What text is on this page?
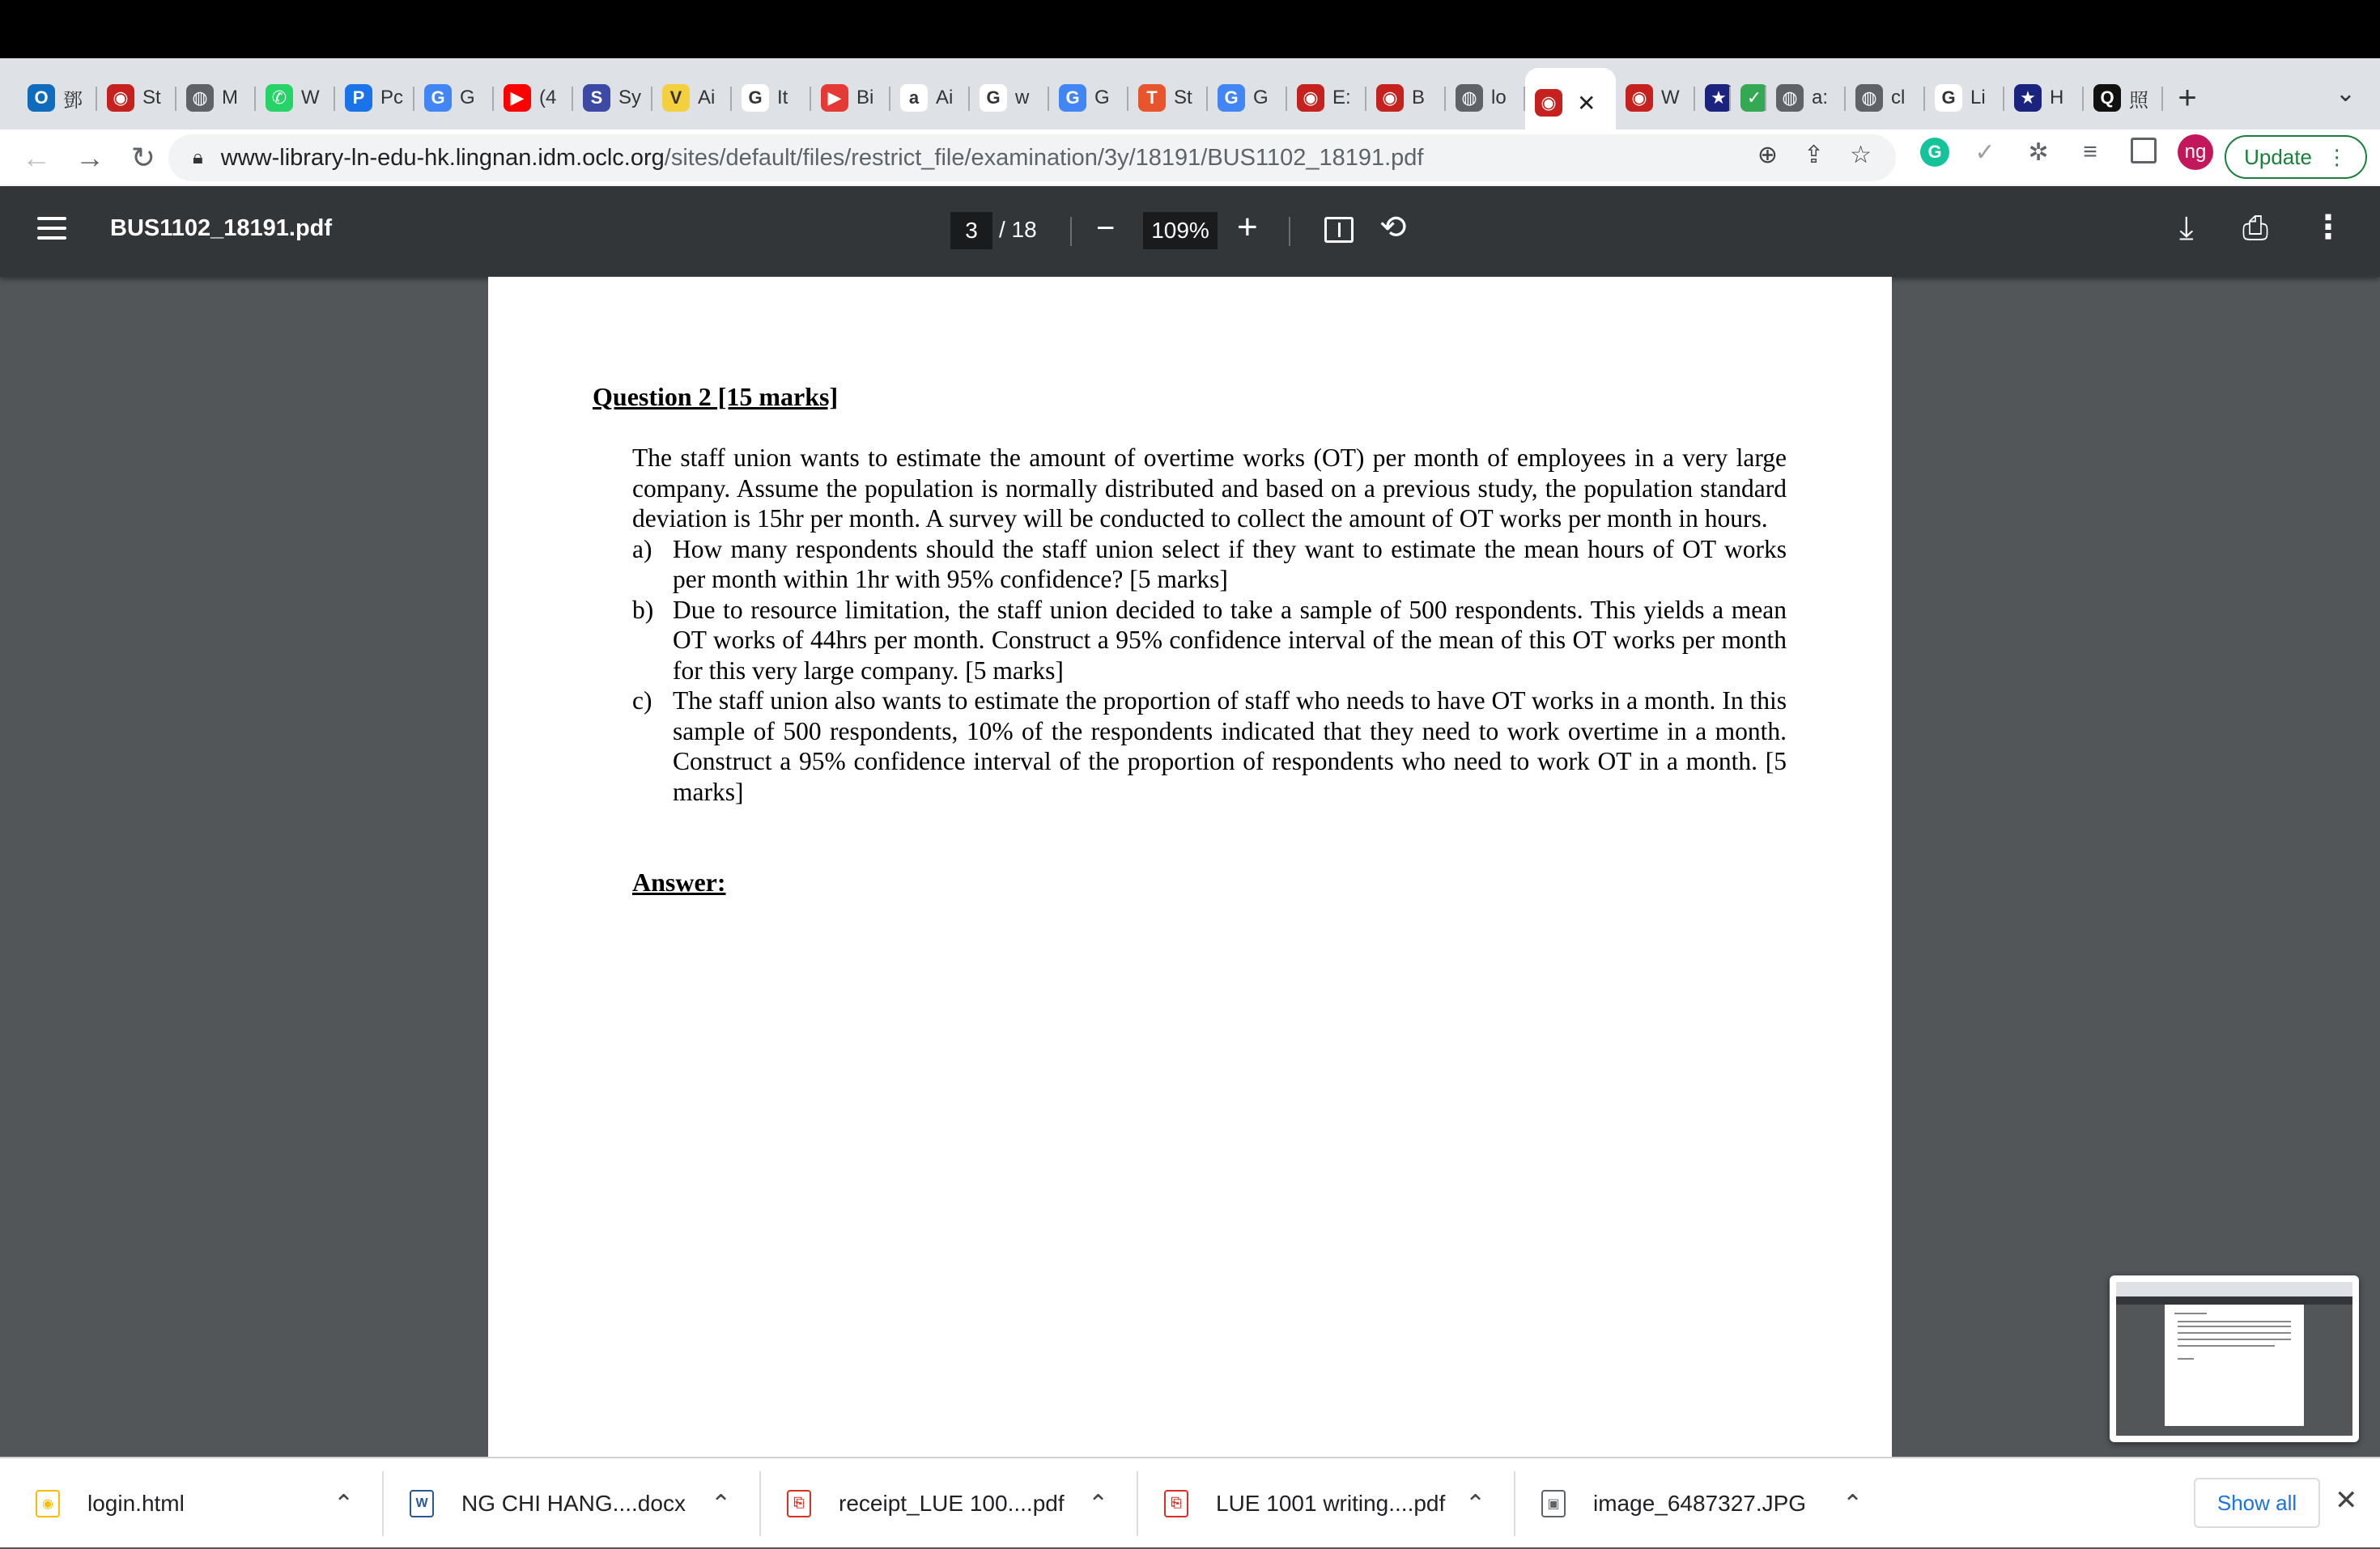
O 鄧	◉ St	◍ M	✆ W	P Pc	G G	▶ (4	S Sy	V Ai	G It	▶ Bi	a Ai	G w	G G	T St	G G	◉ E:	◉ B	◍ lo	◉ ✕	◉ W	★	✓	◍ a:	◍ cl	G Li	★ H	Q 照 +	⌄
← → ↻	🔒︎ www-library-ln-edu-hk.lingnan.idm.oclc.org /sites/default/files/restrict_file/examination/3y/18191/BUS1102_18191.pdf	⊕ ⇪ ☆	G	✓ ✲	≡	ng	Update ⋮
BUS1102_18191.pdf	3 / 18 −	109% +	⟲	⤓ ⎙ ⋮
Question 2 [15 marks]
The staff union wants to estimate the amount of overtime works (OT) per month of employees in a very large company. Assume the population is normally distributed and based on a previous study, the population standard deviation is 15hr per month. A survey will be conducted to collect the amount of OT works per month in hours.
a) How many respondents should the staff union select if they want to estimate the mean hours of OT works per month within 1hr with 95% confidence? [5 marks]
b) Due to resource limitation, the staff union decided to take a sample of 500 respondents. This yields a mean OT works of 44hrs per month. Construct a 95% confidence interval of the mean of this OT works per month for this very large company. [5 marks]
c) The staff union also wants to estimate the proportion of staff who needs to have OT works in a month. In this sample of 500 respondents, 10% of the respondents indicated that they need to work overtime in a month. Construct a 95% confidence interval of the proportion of respondents who need to work OT in a month. [5 marks]
Answer:
◉ login.html	⌃	W NG CHI HANG....docx ⌃	⎘	receipt_LUE 100....pdf ⌃	⎘	LUE 1001 writing....pdf ⌃	▣ image_6487327.JPG ⌃	Show all	✕
